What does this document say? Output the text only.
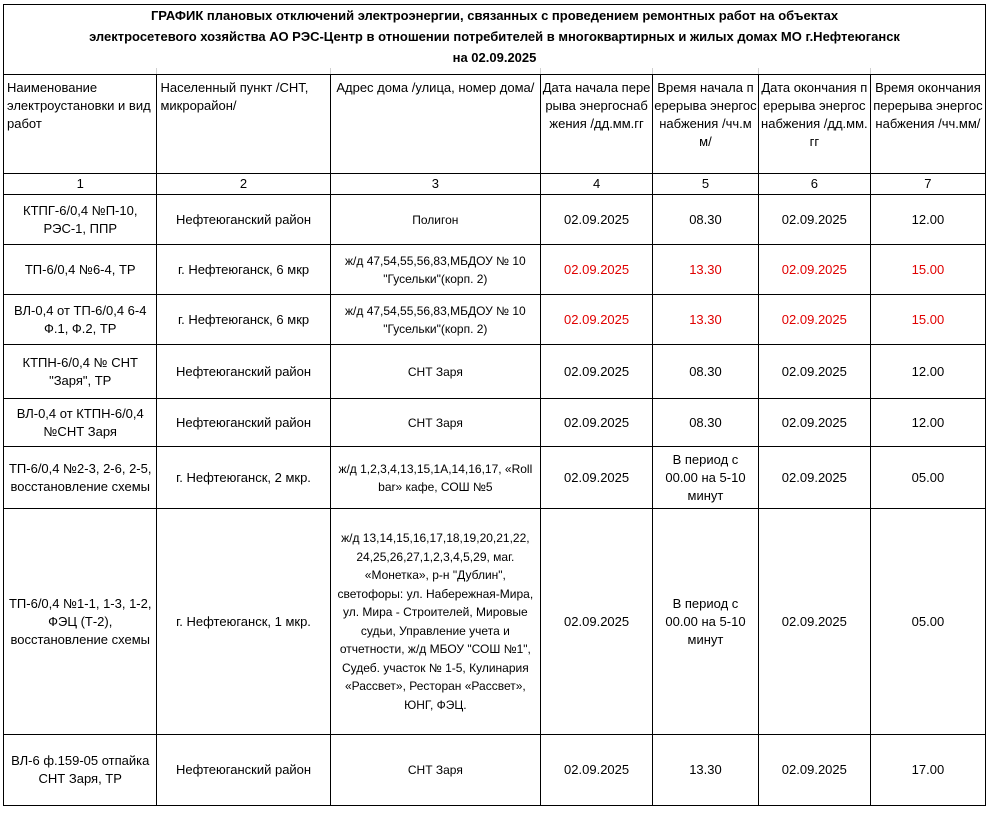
ГРАФИК плановых отключений электроэнергии, связанных с проведением ремонтных работ на объектах						
электросетевого хозяйства АО РЭС-Центр в отношении потребителей в многоквартирных и жилых домах МО г.Нефтеюганск						
на 02.09.2025						

Наименование электроустановки и вид работ	Населенный пункт /СНТ, микрорайон/	Адрес дома /улица, номер дома/	Дата начала перерыва энергоснабжения /дд.мм.гг	Время начала перерыва энергоснабжения /чч.мм/	Дата окончания перерыва энергоснабжения /дд.мм.гг	Время окончания перерыва энергоснабжения /чч.мм/
1	2	3	4	5	6	7
КТПГ-6/0,4 №П-10, РЭС-1, ППР	Нефтеюганский район	Полигон	02.09.2025	08.30	02.09.2025	12.00
ТП-6/0,4 №6-4, ТР	г. Нефтеюганск, 6 мкр	ж/д 47,54,55,56,83,МБДОУ № 10 "Гусельки"(корп. 2)	02.09.2025	13.30	02.09.2025	15.00
ВЛ-0,4 от ТП-6/0,4 6-4 Ф.1, Ф.2, ТР	г. Нефтеюганск, 6 мкр	ж/д 47,54,55,56,83,МБДОУ № 10 "Гусельки"(корп. 2)	02.09.2025	13.30	02.09.2025	15.00
КТПН-6/0,4 № СНТ "Заря", ТР	Нефтеюганский район	СНТ Заря	02.09.2025	08.30	02.09.2025	12.00
ВЛ-0,4 от КТПН-6/0,4 №СНТ Заря	Нефтеюганский район	СНТ Заря	02.09.2025	08.30	02.09.2025	12.00
ТП-6/0,4 №2-3, 2-6, 2-5, восстановление схемы	г. Нефтеюганск, 2 мкр.	ж/д 1,2,3,4,13,15,1А,14,16,17, «Roll bar» кафе, СОШ №5	02.09.2025	В период с 00.00 на 5-10 минут	02.09.2025	05.00
ТП-6/0,4 №1-1, 1-3, 1-2, ФЭЦ (Т-2), восстановление схемы	г. Нефтеюганск, 1 мкр.	ж/д 13,14,15,16,17,18,19,20,21,22, 24,25,26,27,1,2,3,4,5,29, маг. «Монетка», р-н "Дублин", светофоры: ул. Набережная-Мира, ул. Мира - Строителей, Мировые судьи, Управление учета и отчетности, ж/д МБОУ "СОШ №1", Судеб. участок № 1-5, Кулинария «Рассвет», Ресторан «Рассвет», ЮНГ, ФЭЦ.	02.09.2025	В период с 00.00 на 5-10 минут	02.09.2025	05.00
ВЛ-6 ф.159-05 отпайка СНТ Заря, ТР	Нефтеюганский район	СНТ Заря	02.09.2025	13.30	02.09.2025	17.00
